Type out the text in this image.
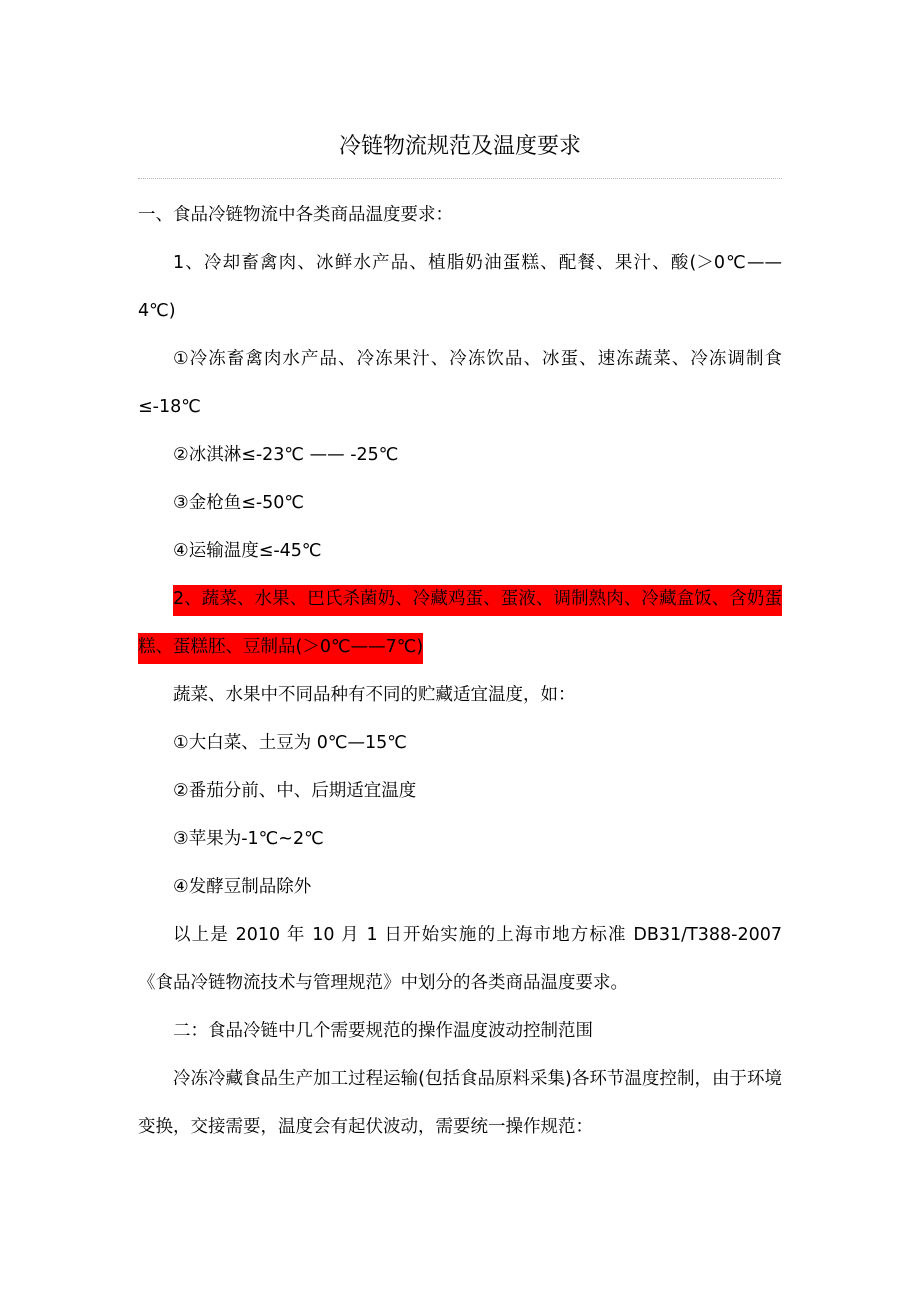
冷链物流规范及温度要求

一、食品冷链物流中各类商品温度要求：

1、冷却畜禽肉、冰鲜水产品、植脂奶油蛋糕、配餐、果汁、酸(＞0℃——4℃)

①冷冻畜禽肉水产品、冷冻果汁、冷冻饮品、冰蛋、速冻蔬菜、冷冻调制食≤-18℃

②冰淇淋≤-23℃ —— -25℃

③金枪鱼≤-50℃

④运输温度≤-45℃

2、蔬菜、水果、巴氏杀菌奶、冷藏鸡蛋、蛋液、调制熟肉、冷藏盒饭、含奶蛋糕、蛋糕胚、豆制品(＞0℃——7℃)

蔬菜、水果中不同品种有不同的贮藏适宜温度，如：

①大白菜、土豆为 0℃—15℃

②番茄分前、中、后期适宜温度

③苹果为-1℃~2℃

④发酵豆制品除外

以上是 2010 年 10 月 1 日开始实施的上海市地方标准 DB31/T388-2007《食品冷链物流技术与管理规范》中划分的各类商品温度要求。

二：食品冷链中几个需要规范的操作温度波动控制范围

冷冻冷藏食品生产加工过程运输(包括食品原料采集)各环节温度控制，由于环境变换，交接需要，温度会有起伏波动，需要统一操作规范：
